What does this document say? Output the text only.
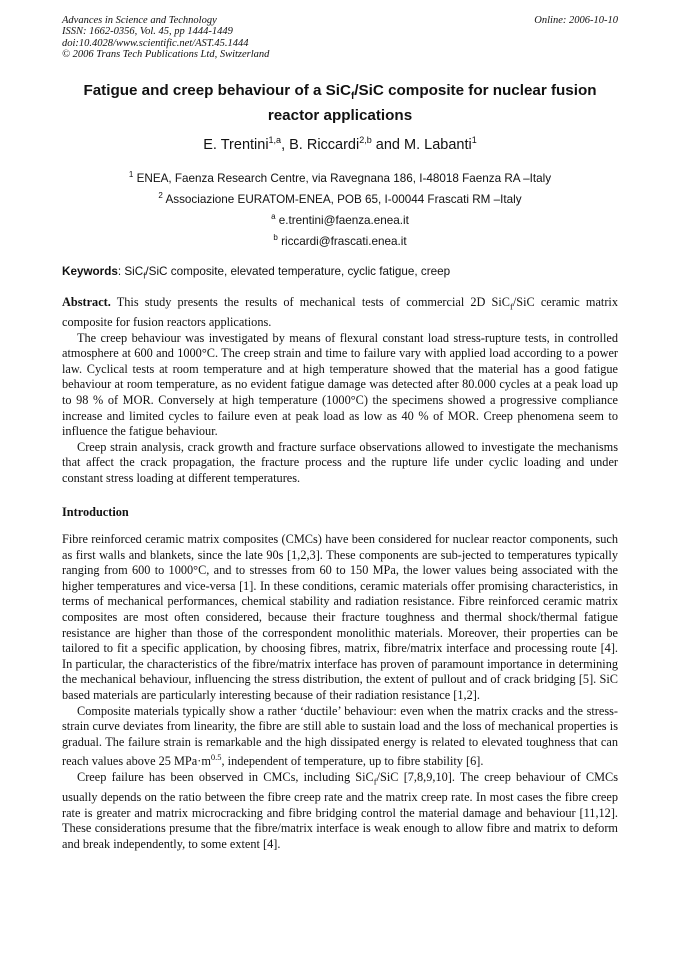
Advances in Science and Technology
ISSN: 1662-0356, Vol. 45, pp 1444-1449
doi:10.4028/www.scientific.net/AST.45.1444
© 2006 Trans Tech Publications Ltd, Switzerland
Online: 2006-10-10
Fatigue and creep behaviour of a SiC$_f$/SiC composite for nuclear fusion reactor applications
E. Trentini$^{1,a}$, B. Riccardi$^{2,b}$ and M. Labanti$^1$
$^1$ ENEA, Faenza Research Centre, via Ravegnana 186, I-48018 Faenza RA –Italy
$^2$ Associazione EURATOM-ENEA, POB 65, I-00044 Frascati RM –Italy
$^a$ e.trentini@faenza.enea.it
$^b$ riccardi@frascati.enea.it
Keywords: SiC$_f$/SiC composite, elevated temperature, cyclic fatigue, creep

Abstract. This study presents the results of mechanical tests of commercial 2D SiC$_f$/SiC ceramic matrix composite for fusion reactors applications.

The creep behaviour was investigated by means of flexural constant load stress-rupture tests, in controlled atmosphere at 600 and 1000°C. The creep strain and time to failure vary with applied load according to a power law. Cyclical tests at room temperature and at high temperature showed that the material has a good fatigue behaviour at room temperature, as no evident fatigue damage was detected after 80.000 cycles at a peak load up to 98 % of MOR. Conversely at high temperature (1000°C) the specimens showed a progressive compliance increase and limited cycles to failure even at peak load as low as 40 % of MOR. Creep phenomena seem to influence the fatigue behaviour.

Creep strain analysis, crack growth and fracture surface observations allowed to investigate the mechanisms that affect the crack propagation, the fracture process and the rupture life under cyclic loading and under constant stress loading at different temperatures.

Introduction

Fibre reinforced ceramic matrix composites (CMCs) have been considered for nuclear reactor components, such as first walls and blankets, since the late 90s [1,2,3]. These components are sub-jected to temperatures typically ranging from 600 to 1000°C, and to stresses from 60 to 150 MPa, the lower values being associated with the higher temperatures and vice-versa [1]. In these conditions, ceramic materials offer promising characteristics, in terms of mechanical performances, chemical stability and radiation resistance. Fibre reinforced ceramic matrix composites are most often considered, because their fracture toughness and thermal shock/thermal fatigue resistance are higher than those of the correspondent monolithic materials. Moreover, their properties can be tailored to fit a specific application, by choosing fibres, matrix, fibre/matrix interface and processing route [4]. In particular, the characteristics of the fibre/matrix interface has proven of paramount importance in determining the mechanical behaviour, influencing the stress distribution, the extent of pullout and of crack bridging [5]. SiC based materials are particularly interesting because of their radiation resistance [1,2].

Composite materials typically show a rather ‘ductile’ behaviour: even when the matrix cracks and the stress-strain curve deviates from linearity, the fibre are still able to sustain load and the loss of mechanical properties is gradual. The failure strain is remarkable and the high dissipated energy is related to elevated toughness that can reach values above 25 $MPa\cdot m^{0.5}$, independent of temperature, up to fibre stability [6].

Creep failure has been observed in CMCs, including SiC$_f$/SiC [7,8,9,10]. The creep behaviour of CMCs usually depends on the ratio between the fibre creep rate and the matrix creep rate. In most cases the fibre creep rate is greater and matrix microcracking and fibre bridging control the material damage and behaviour [11,12]. These considerations presume that the fibre/matrix interface is weak enough to allow fibre and matrix to deform and break independently, to some extent [4].
